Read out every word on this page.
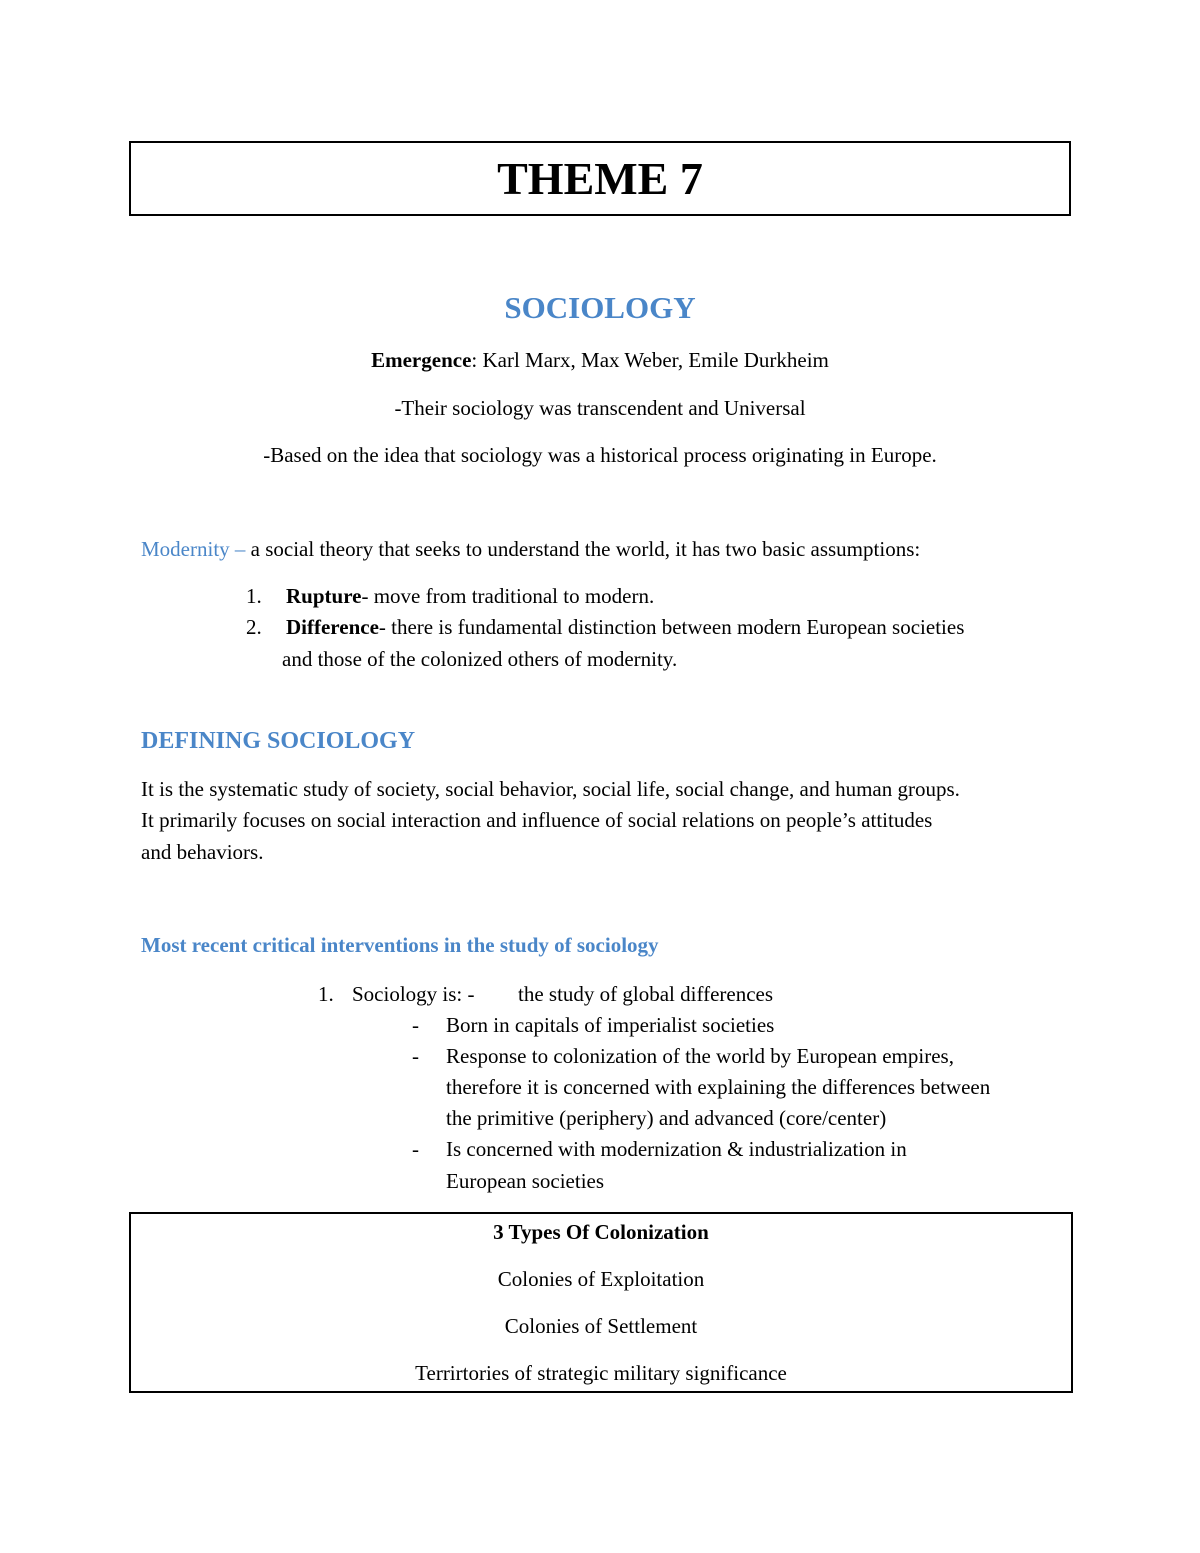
THEME 7
SOCIOLOGY
Emergence: Karl Marx, Max Weber, Emile Durkheim
-Their sociology was transcendent and Universal
-Based on the idea that sociology was a historical process originating in Europe.
Modernity – a social theory that seeks to understand the world, it has two basic assumptions:
1. Rupture- move from traditional to modern.
2. Difference- there is fundamental distinction between modern European societies
and those of the colonized others of modernity.
DEFINING SOCIOLOGY
It is the systematic study of society, social behavior, social life, social change, and human groups.
It primarily focuses on social interaction and influence of social relations on people’s attitudes
and behaviors.
Most recent critical interventions in the study of sociology
1. Sociology is: - the study of global differences
- Born in capitals of imperialist societies
- Response to colonization of the world by European empires,
therefore it is concerned with explaining the differences between
the primitive (periphery) and advanced (core/center)
- Is concerned with modernization & industrialization in
European societies
3 Types Of Colonization
Colonies of Exploitation
Colonies of Settlement
Terrirtories of strategic military significance
